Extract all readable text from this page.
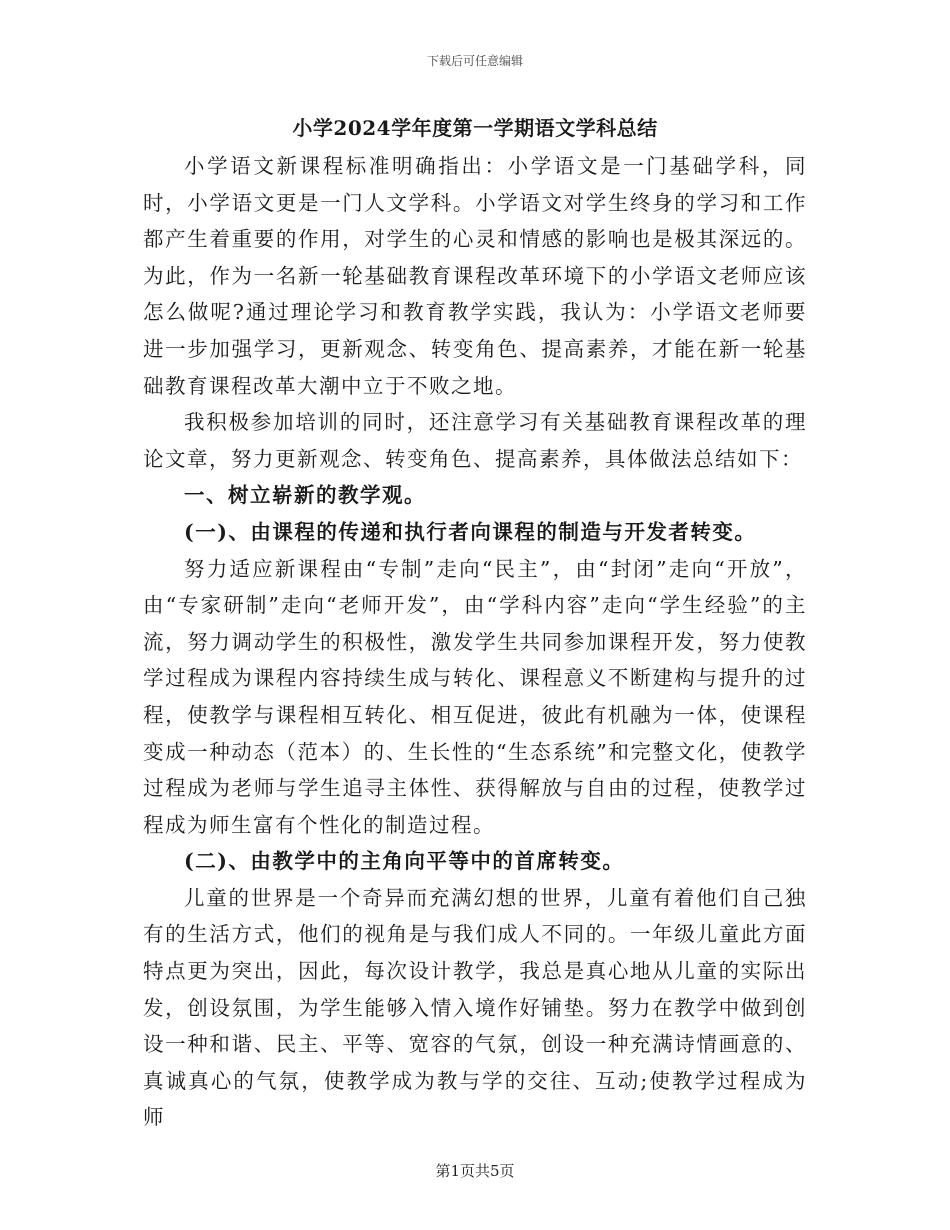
下载后可任意编辑
小学2024学年度第一学期语文学科总结

小学语文新课程标准明确指出：小学语文是一门基础学科，同时，小学语文更是一门人文学科。小学语文对学生终身的学习和工作都产生着重要的作用，对学生的心灵和情感的影响也是极其深远的。为此，作为一名新一轮基础教育课程改革环境下的小学语文老师应该怎么做呢?通过理论学习和教育教学实践，我认为：小学语文老师要进一步加强学习，更新观念、转变角色、提高素养，才能在新一轮基础教育课程改革大潮中立于不败之地。

我积极参加培训的同时，还注意学习有关基础教育课程改革的理论文章，努力更新观念、转变角色、提高素养，具体做法总结如下：

一、树立崭新的教学观。

(一)、由课程的传递和执行者向课程的制造与开发者转变。

努力适应新课程由“专制”走向“民主”，由“封闭”走向“开放”，由“专家研制”走向“老师开发”，由“学科内容”走向“学生经验”的主流，努力调动学生的积极性，激发学生共同参加课程开发，努力使教学过程成为课程内容持续生成与转化、课程意义不断建构与提升的过程，使教学与课程相互转化、相互促进，彼此有机融为一体，使课程变成一种动态（范本）的、生长性的“生态系统”和完整文化，使教学过程成为老师与学生追寻主体性、获得解放与自由的过程，使教学过程成为师生富有个性化的制造过程。

(二)、由教学中的主角向平等中的首席转变。

儿童的世界是一个奇异而充满幻想的世界，儿童有着他们自己独有的生活方式，他们的视角是与我们成人不同的。一年级儿童此方面特点更为突出，因此，每次设计教学，我总是真心地从儿童的实际出发，创设氛围，为学生能够入情入境作好铺垫。努力在教学中做到创设一种和谐、民主、平等、宽容的气氛，创设一种充满诗情画意的、真诚真心的气氛，使教学成为教与学的交往、互动;使教学过程成为师

第1页共5页
